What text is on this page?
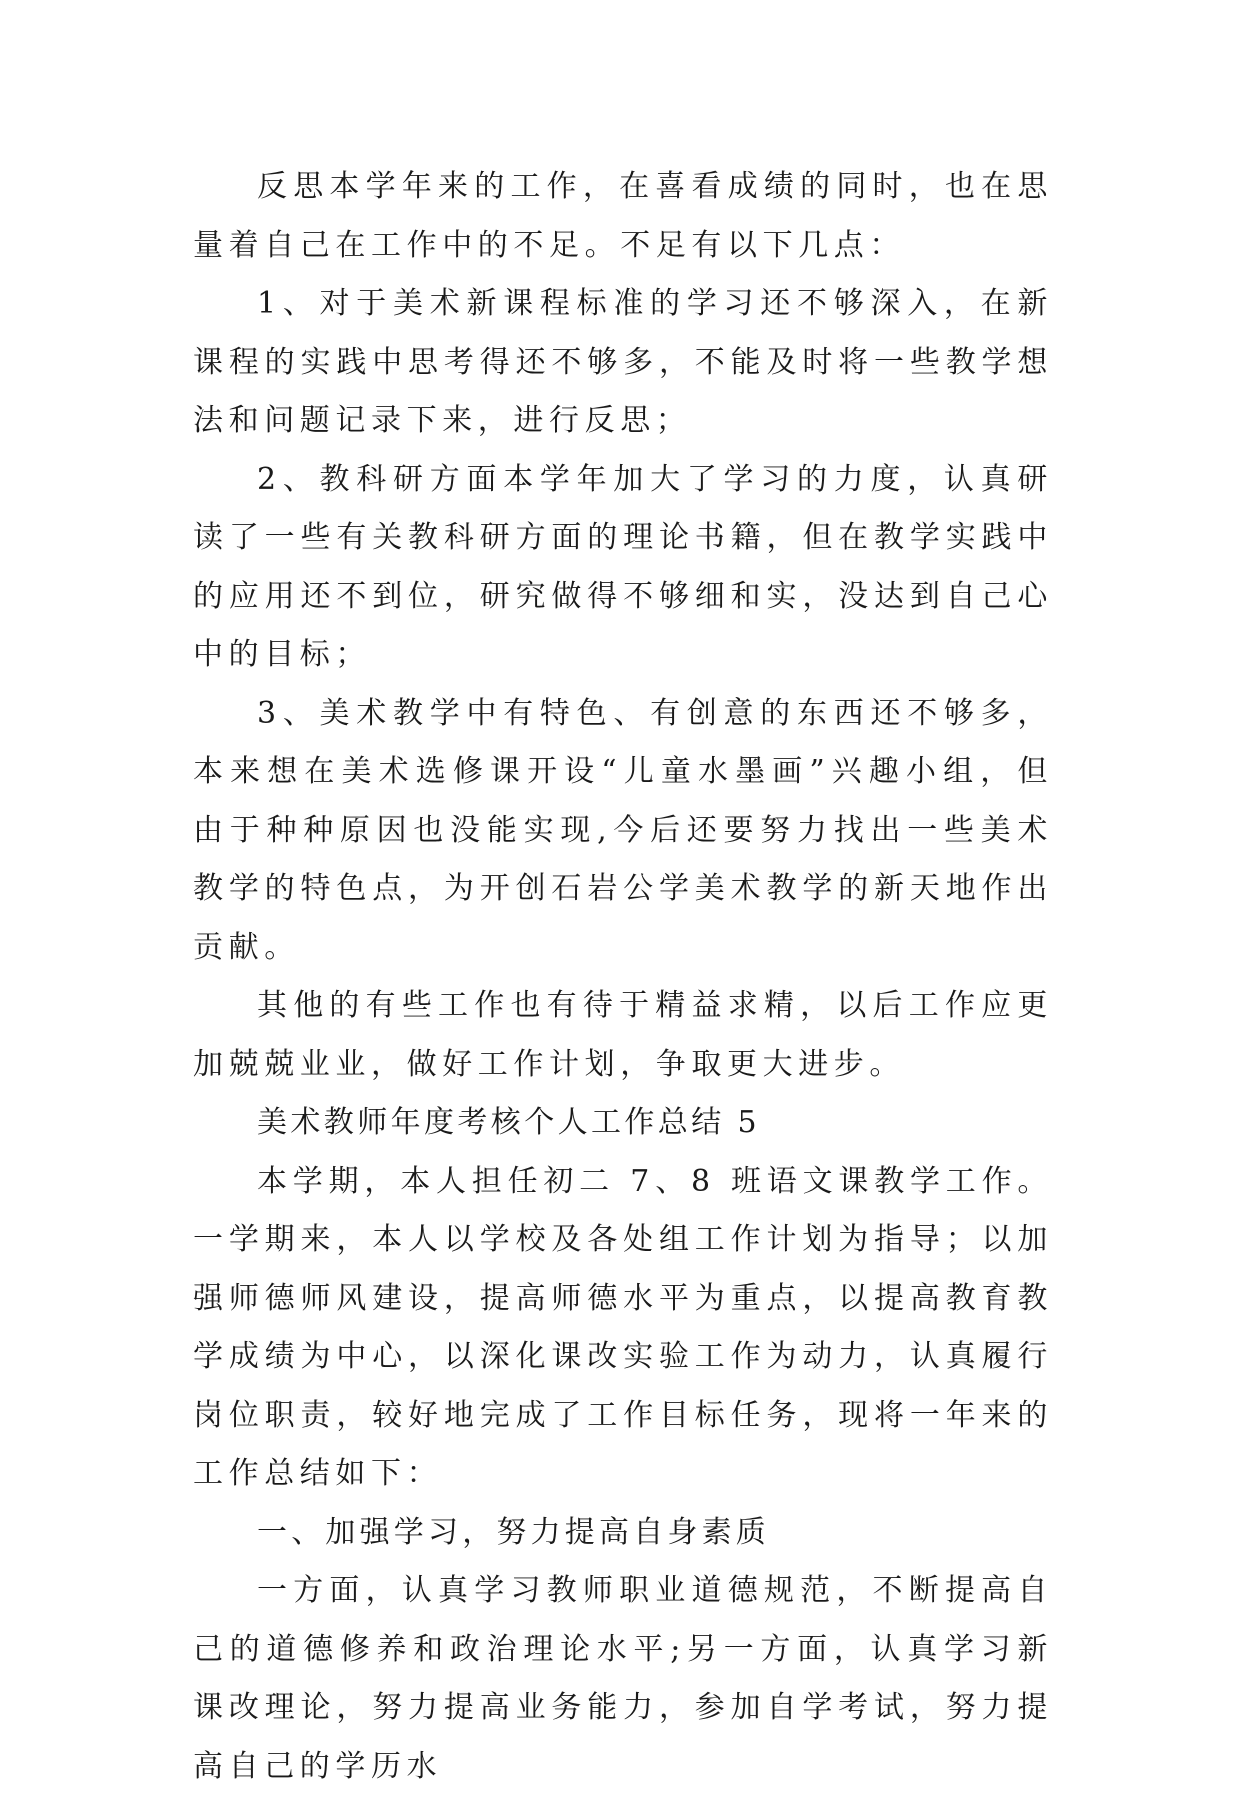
反思本学年来的工作，在喜看成绩的同时，也在思量着自己在工作中的不足。不足有以下几点：

1、对于美术新课程标准的学习还不够深入，在新课程的实践中思考得还不够多，不能及时将一些教学想法和问题记录下来，进行反思；

2、教科研方面本学年加大了学习的力度，认真研读了一些有关教科研方面的理论书籍，但在教学实践中的应用还不到位，研究做得不够细和实，没达到自己心中的目标；

3、美术教学中有特色、有创意的东西还不够多，本来想在美术选修课开设“儿童水墨画”兴趣小组，但由于种种原因也没能实现,今后还要努力找出一些美术教学的特色点，为开创石岩公学美术教学的新天地作出贡献。

其他的有些工作也有待于精益求精，以后工作应更加兢兢业业，做好工作计划，争取更大进步。

美术教师年度考核个人工作总结 5

本学期，本人担任初二 7、8 班语文课教学工作。一学期来，本人以学校及各处组工作计划为指导；以加强师德师风建设，提高师德水平为重点，以提高教育教学成绩为中心，以深化课改实验工作为动力，认真履行岗位职责，较好地完成了工作目标任务，现将一年来的工作总结如下：

一、加强学习，努力提高自身素质

一方面，认真学习教师职业道德规范，不断提高自己的道德修养和政治理论水平;另一方面，认真学习新课改理论，努力提高业务能力，参加自学考试，努力提高自己的学历水
